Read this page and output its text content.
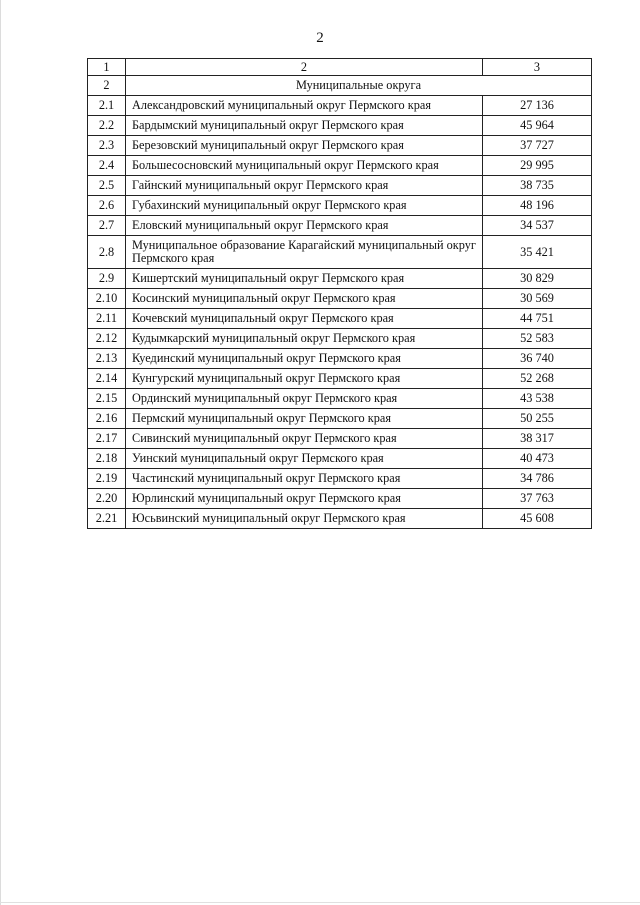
2
1	2	3
2	Муниципальные округа	
2.1	Александровский муниципальный округ Пермского края	27 136
2.2	Бардымский муниципальный округ Пермского края	45 964
2.3	Березовский муниципальный округ Пермского края	37 727
2.4	Большесосновский муниципальный округ Пермского края	29 995
2.5	Гайнский муниципальный округ Пермского края	38 735
2.6	Губахинский муниципальный округ Пермского края	48 196
2.7	Еловский муниципальный округ Пермского края	34 537
2.8	Муниципальное образование Карагайский муниципальный округ Пермского края	35 421
2.9	Кишертский муниципальный округ Пермского края	30 829
2.10	Косинский муниципальный округ Пермского края	30 569
2.11	Кочевский муниципальный округ Пермского края	44 751
2.12	Кудымкарский муниципальный округ Пермского края	52 583
2.13	Куединский муниципальный округ Пермского края	36 740
2.14	Кунгурский муниципальный округ Пермского края	52 268
2.15	Ординский муниципальный округ Пермского края	43 538
2.16	Пермский муниципальный округ Пермского края	50 255
2.17	Сивинский муниципальный округ Пермского края	38 317
2.18	Уинский муниципальный округ Пермского края	40 473
2.19	Частинский муниципальный округ Пермского края	34 786
2.20	Юрлинский муниципальный округ Пермского края	37 763
2.21	Юсьвинский муниципальный округ Пермского края	45 608
